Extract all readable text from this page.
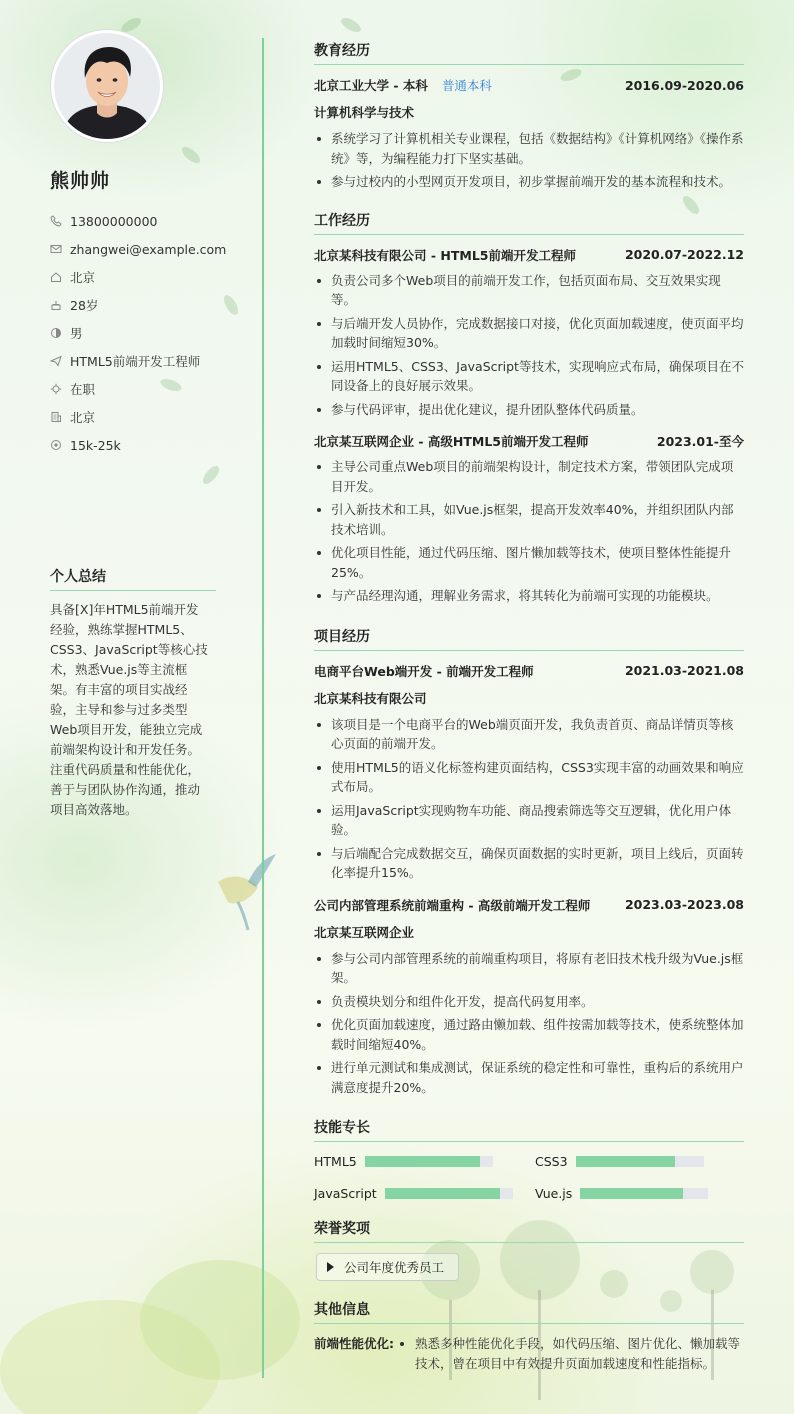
熊帅帅
13800000000
zhangwei@example.com
北京
28岁
男
HTML5前端开发工程师
在职
北京
15k-25k
个人总结
具备[X]年HTML5前端开发经验，熟练掌握HTML5、CSS3、JavaScript等核心技术，熟悉Vue.js等主流框架。有丰富的项目实战经验，主导和参与过多类型Web项目开发，能独立完成前端架构设计和开发任务。 注重代码质量和性能优化，善于与团队协作沟通，推动项目高效落地。
教育经历
北京工业大学 - 本科 普通本科	2016.09-2020.06
计算机科学与技术
系统学习了计算机相关专业课程，包括《数据结构》《计算机网络》《操作系统》等，为编程能力打下坚实基础。
参与过校内的小型网页开发项目，初步掌握前端开发的基本流程和技术。
工作经历
北京某科技有限公司 - HTML5前端开发工程师	2020.07-2022.12
负责公司多个Web项目的前端开发工作，包括页面布局、交互效果实现等。
与后端开发人员协作，完成数据接口对接，优化页面加载速度，使页面平均加载时间缩短30%。
运用HTML5、CSS3、JavaScript等技术，实现响应式布局，确保项目在不同设备上的良好展示效果。
参与代码评审，提出优化建议，提升团队整体代码质量。
北京某互联网企业 - 高级HTML5前端开发工程师	2023.01-至今
主导公司重点Web项目的前端架构设计，制定技术方案，带领团队完成项目开发。
引入新技术和工具，如Vue.js框架，提高开发效率40%，并组织团队内部技术培训。
优化项目性能，通过代码压缩、图片懒加载等技术，使项目整体性能提升25%。
与产品经理沟通，理解业务需求，将其转化为前端可实现的功能模块。
项目经历
电商平台Web端开发 - 前端开发工程师	2021.03-2021.08
北京某科技有限公司
该项目是一个电商平台的Web端页面开发，我负责首页、商品详情页等核心页面的前端开发。
使用HTML5的语义化标签构建页面结构，CSS3实现丰富的动画效果和响应式布局。
运用JavaScript实现购物车功能、商品搜索筛选等交互逻辑，优化用户体验。
与后端配合完成数据交互，确保页面数据的实时更新，项目上线后，页面转化率提升15%。
公司内部管理系统前端重构 - 高级前端开发工程师	2023.03-2023.08
北京某互联网企业
参与公司内部管理系统的前端重构项目，将原有老旧技术栈升级为Vue.js框架。
负责模块划分和组件化开发，提高代码复用率。
优化页面加载速度，通过路由懒加载、组件按需加载等技术，使系统整体加载时间缩短40%。
进行单元测试和集成测试，保证系统的稳定性和可靠性，重构后的系统用户满意度提升20%。
技能专长
HTML5	CSS3
JavaScript	Vue.js
荣誉奖项
公司年度优秀员工
其他信息
前端性能优化:	熟悉多种性能优化手段，如代码压缩、图片优化、懒加载等技术，曾在项目中有效提升页面加载速度和性能指标。
